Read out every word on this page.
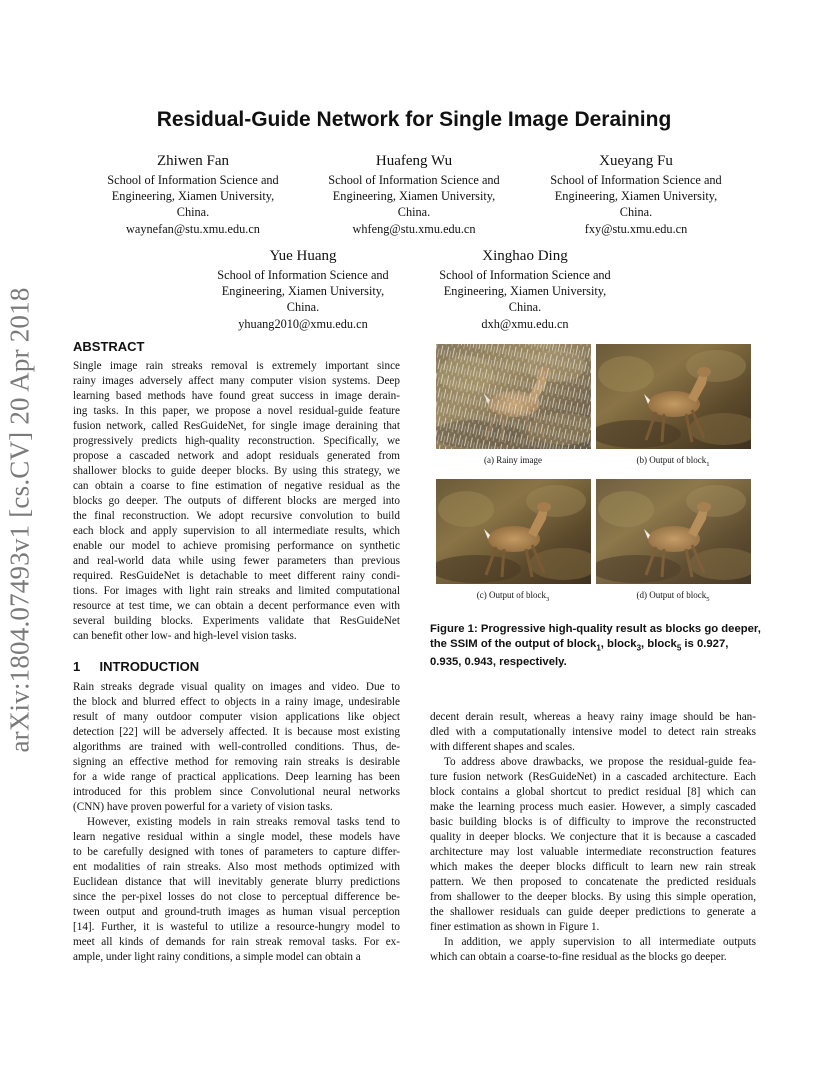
arXiv:1804.07493v1 [cs.CV] 20 Apr 2018
Residual-Guide Network for Single Image Deraining
Zhiwen Fan
School of Information Science and
Engineering, Xiamen University,
China.
waynefan@stu.xmu.edu.cn
Huafeng Wu
School of Information Science and
Engineering, Xiamen University,
China.
whfeng@stu.xmu.edu.cn
Xueyang Fu
School of Information Science and
Engineering, Xiamen University,
China.
fxy@stu.xmu.edu.cn
Yue Huang
School of Information Science and
Engineering, Xiamen University,
China.
yhuang2010@xmu.edu.cn
Xinghao Ding
School of Information Science and
Engineering, Xiamen University,
China.
dxh@xmu.edu.cn
ABSTRACT
Single image rain streaks removal is extremely important since
rainy images adversely affect many computer vision systems. Deep
learning based methods have found great success in image derain-
ing tasks. In this paper, we propose a novel residual-guide feature
fusion network, called ResGuideNet, for single image deraining that
progressively predicts high-quality reconstruction. Specifically, we
propose a cascaded network and adopt residuals generated from
shallower blocks to guide deeper blocks. By using this strategy, we
can obtain a coarse to fine estimation of negative residual as the
blocks go deeper. The outputs of different blocks are merged into
the final reconstruction. We adopt recursive convolution to build
each block and apply supervision to all intermediate results, which
enable our model to achieve promising performance on synthetic
and real-world data while using fewer parameters than previous
required. ResGuideNet is detachable to meet different rainy condi-
tions. For images with light rain streaks and limited computational
resource at test time, we can obtain a decent performance even with
several building blocks. Experiments validate that ResGuideNet
can benefit other low- and high-level vision tasks.
1 INTRODUCTION
Rain streaks degrade visual quality on images and video. Due to
the block and blurred effect to objects in a rainy image, undesirable
result of many outdoor computer vision applications like object
detection [22] will be adversely affected. It is because most existing
algorithms are trained with well-controlled conditions. Thus, de-
signing an effective method for removing rain streaks is desirable
for a wide range of practical applications. Deep learning has been
introduced for this problem since Convolutional neural networks
(CNN) have proven powerful for a variety of vision tasks.
However, existing models in rain streaks removal tasks tend to
learn negative residual within a single model, these models have
to be carefully designed with tones of parameters to capture differ-
ent modalities of rain streaks. Also most methods optimized with
Euclidean distance that will inevitably generate blurry predictions
since the per-pixel losses do not close to perceptual difference be-
tween output and ground-truth images as human visual perception
[14]. Further, it is wasteful to utilize a resource-hungry model to
meet all kinds of demands for rain streak removal tasks. For ex-
ample, under light rainy conditions, a simple model can obtain a
(a) Rainy image	(b) Output of block$_1$
(c) Output of block$_3$	(d) Output of block$_5$
Figure 1: Progressive high-quality result as blocks go deeper,
the SSIM of the output of block$_1$, block$_3$, block$_5$ is 0.927,
0.935, 0.943, respectively.
decent derain result, whereas a heavy rainy image should be han-
dled with a computationally intensive model to detect rain streaks
with different shapes and scales.
To address above drawbacks, we propose the residual-guide fea-
ture fusion network (ResGuideNet) in a cascaded architecture. Each
block contains a global shortcut to predict residual [8] which can
make the learning process much easier. However, a simply cascaded
basic building blocks is of difficulty to improve the reconstructed
quality in deeper blocks. We conjecture that it is because a cascaded
architecture may lost valuable intermediate reconstruction features
which makes the deeper blocks difficult to learn new rain streak
pattern. We then proposed to concatenate the predicted residuals
from shallower to the deeper blocks. By using this simple operation,
the shallower residuals can guide deeper predictions to generate a
finer estimation as shown in Figure 1.
In addition, we apply supervision to all intermediate outputs
which can obtain a coarse-to-fine residual as the blocks go deeper.
